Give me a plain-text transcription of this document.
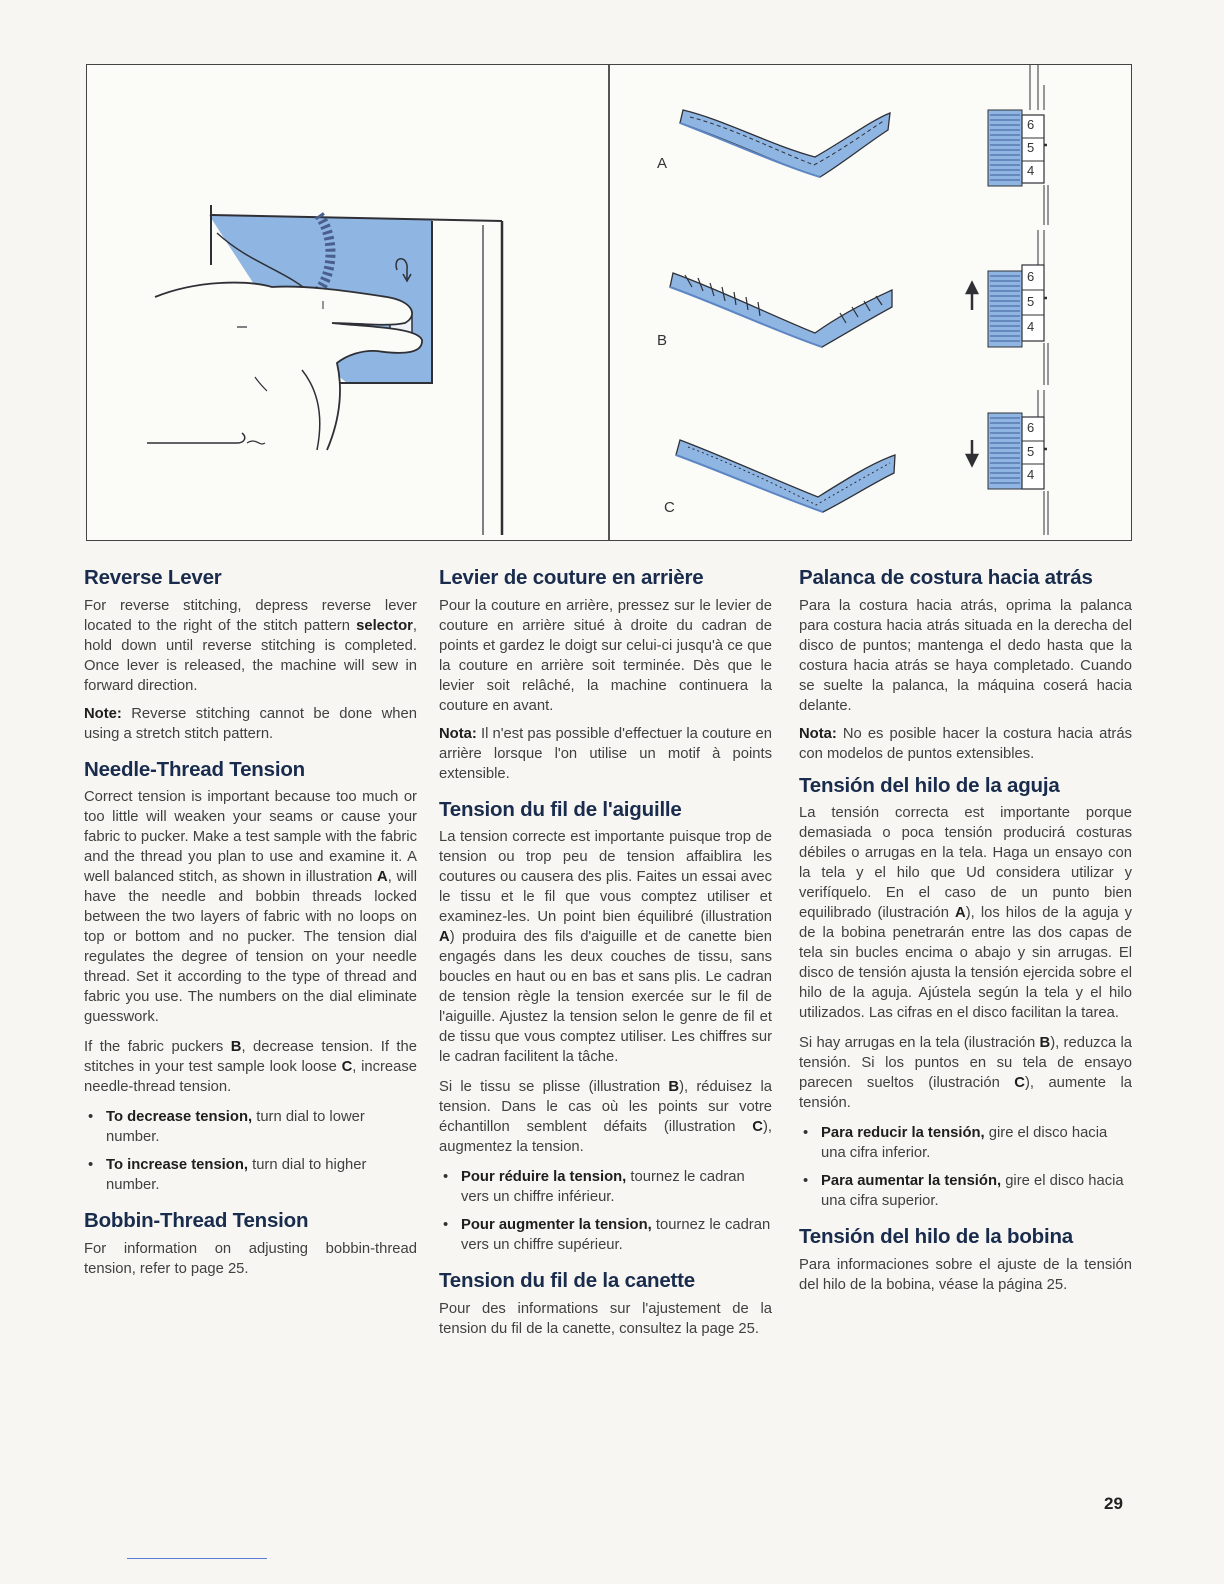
A
B
C
6
5
4
6
5
4
6
5
4
Reverse Lever

For reverse stitching, depress reverse lever located to the right of the stitch pattern selector, hold down until reverse stitching is completed. Once lever is released, the machine will sew in forward direction.

Note: Reverse stitching cannot be done when using a stretch stitch pattern.

Needle-Thread Tension

Correct tension is important because too much or too little will weaken your seams or cause your fabric to pucker. Make a test sample with the fabric and the thread you plan to use and examine it. A well balanced stitch, as shown in illustration A, will have the needle and bobbin threads locked between the two layers of fabric with no loops on top or bottom and no pucker. The tension dial regulates the degree of tension on your needle thread. Set it according to the type of thread and fabric you use. The numbers on the dial eliminate guesswork.

If the fabric puckers B, decrease tension. If the stitches in your test sample look loose C, increase needle-thread tension.

• To decrease tension, turn dial to lower number.
• To increase tension, turn dial to higher number.
Bobbin-Thread Tension

For information on adjusting bobbin-thread tension, refer to page 25.

Levier de couture en arrière

Pour la couture en arrière, pressez sur le levier de couture en arrière situé à droite du cadran de points et gardez le doigt sur celui-ci jusqu'à ce que la couture en arrière soit terminée. Dès que le levier soit relâché, la machine continuera la couture en avant.

Nota: Il n'est pas possible d'effectuer la couture en arrière lorsque l'on utilise un motif à points extensible.

Tension du fil de l'aiguille

La tension correcte est importante puisque trop de tension ou trop peu de tension affaiblira les coutures ou causera des plis. Faites un essai avec le tissu et le fil que vous comptez utiliser et examinez-les. Un point bien équilibré (illustration A) produira des fils d'aiguille et de canette bien engagés dans les deux couches de tissu, sans boucles en haut ou en bas et sans plis. Le cadran de tension règle la tension exercée sur le fil de l'aiguille. Ajustez la tension selon le genre de fil et de tissu que vous comptez utiliser. Les chiffres sur le cadran facilitent la tâche.

Si le tissu se plisse (illustration B), réduisez la tension. Dans le cas où les points sur votre échantillon semblent défaits (illustration C), augmentez la tension.

• Pour réduire la tension, tournez le cadran vers un chiffre inférieur.
• Pour augmenter la tension, tournez le cadran vers un chiffre supérieur.
Tension du fil de la canette

Pour des informations sur l'ajustement de la tension du fil de la canette, consultez la page 25.

Palanca de costura hacia atrás

Para la costura hacia atrás, oprima la palanca para costura hacia atrás situada en la derecha del disco de puntos; mantenga el dedo hasta que la costura hacia atrás se haya completado. Cuando se suelte la palanca, la máquina coserá hacia delante.

Nota: No es posible hacer la costura hacia atrás con modelos de puntos extensibles.

Tensión del hilo de la aguja

La tensión correcta est importante porque demasiada o poca tensión producirá costuras débiles o arrugas en la tela. Haga un ensayo con la tela y el hilo que Ud considera utilizar y verifíquelo. En el caso de un punto bien equilibrado (ilustración A), los hilos de la aguja y de la bobina penetrarán entre las dos capas de tela sin bucles encima o abajo y sin arrugas. El disco de tensión ajusta la tensión ejercida sobre el hilo de la aguja. Ajústela según la tela y el hilo utilizados. Las cifras en el disco facilitan la tarea.

Si hay arrugas en la tela (ilustración B), reduzca la tensión. Si los puntos en su tela de ensayo parecen sueltos (ilustración C), aumente la tensión.

• Para reducir la tensión, gire el disco hacia una cifra inferior.
• Para aumentar la tensión, gire el disco hacia una cifra superior.
Tensión del hilo de la bobina

Para informaciones sobre el ajuste de la tensión del hilo de la bobina, véase la página 25.

29
